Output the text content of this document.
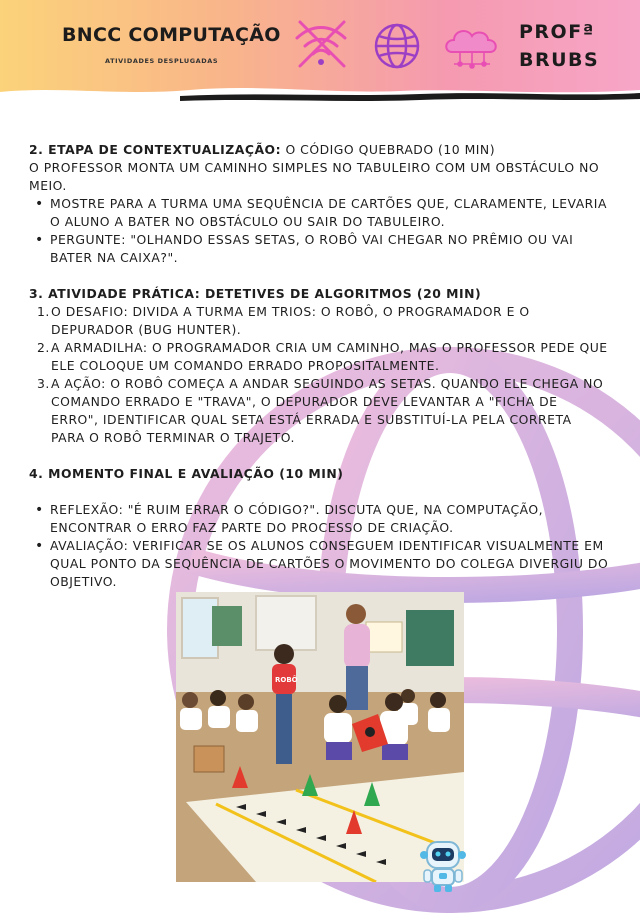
BNCC COMPUTAÇÃO
ATIVIDADES DESPLUGADAS
PROFª
BRUBS

2. ETAPA DE CONTEXTUALIZAÇÃO: O CÓDIGO QUEBRADO (10 MIN)

O PROFESSOR MONTA UM CAMINHO SIMPLES NO TABULEIRO COM UM OBSTÁCULO NO MEIO.

• MOSTRE PARA A TURMA UMA SEQUÊNCIA DE CARTÕES QUE, CLARAMENTE, LEVARIA O ALUNO A BATER NO OBSTÁCULO OU SAIR DO TABULEIRO.
• PERGUNTE: "OLHANDO ESSAS SETAS, O ROBÔ VAI CHEGAR NO PRÊMIO OU VAI BATER NA CAIXA?".

3. ATIVIDADE PRÁTICA: DETETIVES DE ALGORITMOS (20 MIN)

1. O DESAFIO: DIVIDA A TURMA EM TRIOS: O ROBÔ, O PROGRAMADOR E O DEPURADOR (BUG HUNTER).
2. A ARMADILHA: O PROGRAMADOR CRIA UM CAMINHO, MAS O PROFESSOR PEDE QUE ELE COLOQUE UM COMANDO ERRADO PROPOSITALMENTE.
3. A AÇÃO: O ROBÔ COMEÇA A ANDAR SEGUINDO AS SETAS. QUANDO ELE CHEGA NO COMANDO ERRADO E "TRAVA", O DEPURADOR DEVE LEVANTAR A "FICHA DE ERRO", IDENTIFICAR QUAL SETA ESTÁ ERRADA E SUBSTITUÍ-LA PELA CORRETA PARA O ROBÔ TERMINAR O TRAJETO.

4. MOMENTO FINAL E AVALIAÇÃO (10 MIN)

• REFLEXÃO: "É RUIM ERRAR O CÓDIGO?". DISCUTA QUE, NA COMPUTAÇÃO, ENCONTRAR O ERRO FAZ PARTE DO PROCESSO DE CRIAÇÃO.
• AVALIAÇÃO: VERIFICAR SE OS ALUNOS CONSEGUEM IDENTIFICAR VISUALMENTE EM QUAL PONTO DA SEQUÊNCIA DE CARTÕES O MOVIMENTO DO COLEGA DIVERGIU DO OBJETIVO.
ROBÔ
